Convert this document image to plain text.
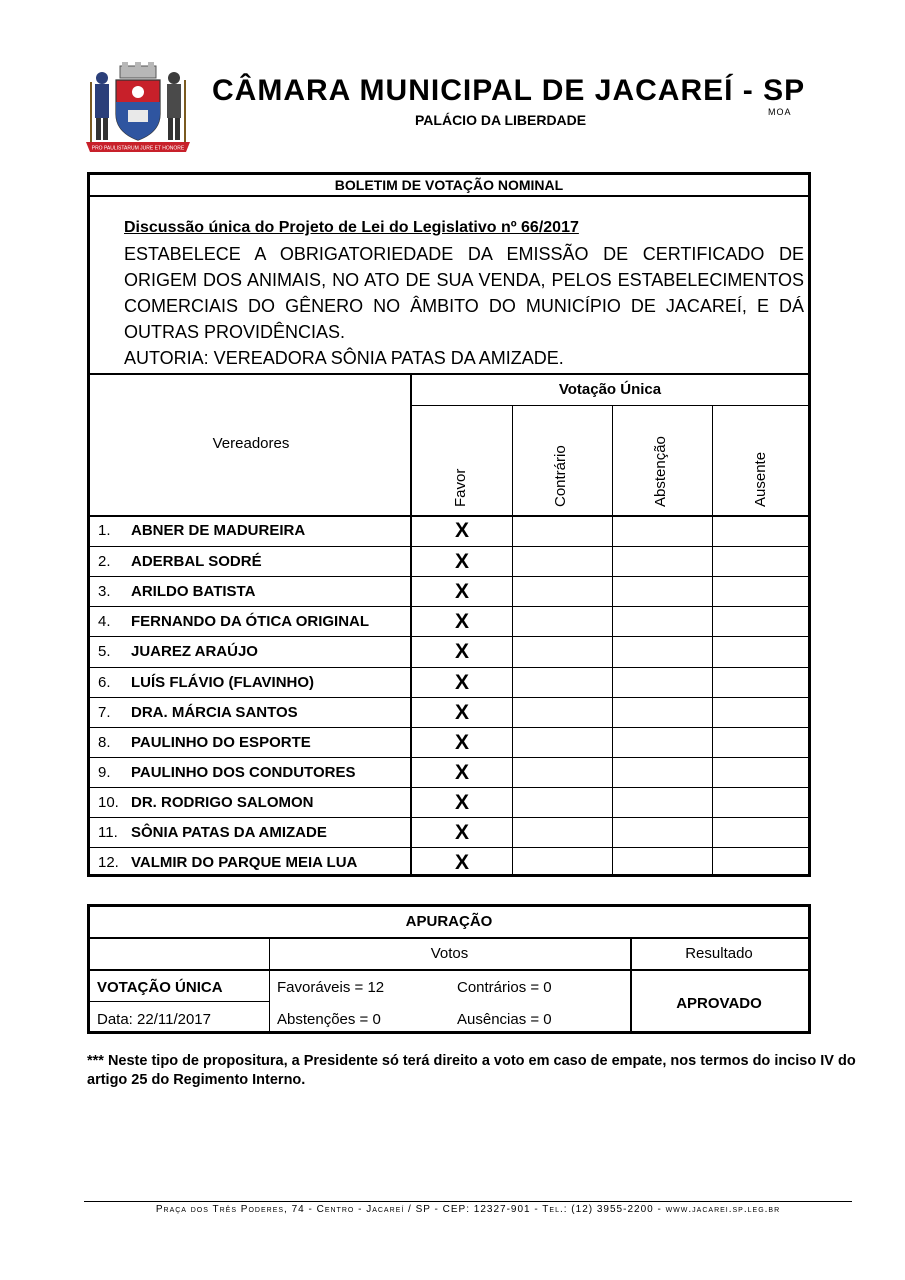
PRO PAULISTARUM JURE ET HONORE
CÂMARA MUNICIPAL DE JACAREÍ - SP
PALÁCIO DA LIBERDADE	MOA
BOLETIM DE VOTAÇÃO NOMINAL
Discussão única do Projeto de Lei do Legislativo nº 66/2017
ESTABELECE A OBRIGATORIEDADE DA EMISSÃO DE CERTIFICADO DE ORIGEM DOS ANIMAIS, NO ATO DE SUA VENDA, PELOS ESTABELECIMENTOS COMERCIAIS DO GÊNERO NO ÂMBITO DO MUNICÍPIO DE JACAREÍ, E DÁ OUTRAS PROVIDÊNCIAS.
AUTORIA: VEREADORA SÔNIA PATAS DA AMIZADE.
Votação Única
Vereadores
Favor	Contrário	Abstenção	Ausente
1. ABNER DE MADUREIRA	X
2. ADERBAL SODRÉ	X
3. ARILDO BATISTA	X
4. FERNANDO DA ÓTICA ORIGINAL	X
5. JUAREZ ARAÚJO	X
6. LUÍS FLÁVIO (FLAVINHO)	X
7. DRA. MÁRCIA SANTOS	X
8. PAULINHO DO ESPORTE	X
9. PAULINHO DOS CONDUTORES	X
10. DR. RODRIGO SALOMON	X
11. SÔNIA PATAS DA AMIZADE	X
12. VALMIR DO PARQUE MEIA LUA	X
APURAÇÃO
Votos	Resultado
VOTAÇÃO ÚNICA
Data: 22/11/2017
Favoráveis = 12	Contrários = 0
Abstenções = 0	Ausências = 0
APROVADO
*** Neste tipo de propositura, a Presidente só terá direito a voto em caso de empate, nos termos do inciso IV do artigo 25 do Regimento Interno.
Praça dos Três Poderes, 74 - Centro - Jacareí / SP - CEP: 12327-901 - Tel.: (12) 3955-2200 - www.jacarei.sp.leg.br
